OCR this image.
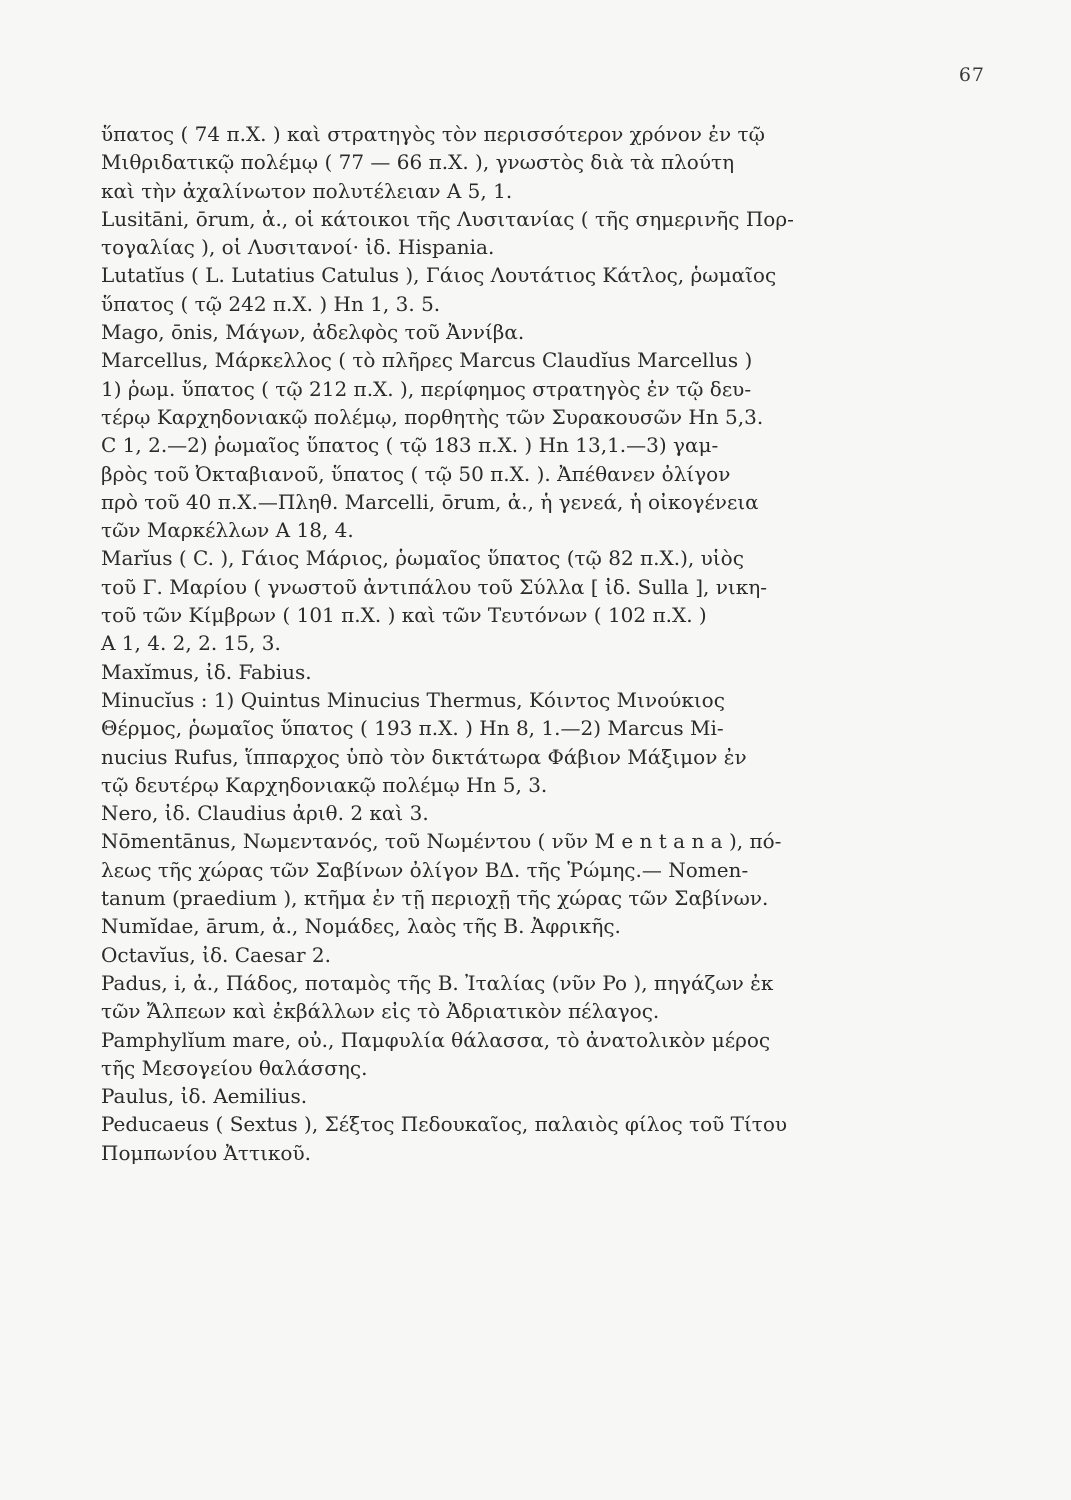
67

ὕπατος ( 74 π.Χ. ) καὶ στρατηγὸς τὸν περισσότερον χρόνον ἐν τῷ
Μιθριδατικῷ πολέμῳ ( 77 — 66 π.Χ. ), γνωστὸς διὰ τὰ πλούτη
καὶ τὴν ἀχαλίνωτον πολυτέλειαν Α 5, 1.

Lusitāni, ōrum, ἀ., οἱ κάτοικοι τῆς Λυσιτανίας ( τῆς σημερινῆς Πορ-
τογαλίας ), οἱ Λυσιτανοί· ἰδ. Hispania.

Lutatĭus ( L. Lutatius Catulus ), Γάιος Λουτάτιος Κάτλος, ῥωμαῖος
ὕπατος ( τῷ 242 π.Χ. ) Hn 1, 3. 5.

Mago, ōnis, Μάγων, ἀδελφὸς τοῦ Ἀννίβα.

Marcellus, Μάρκελλος ( τὸ πλῆρες Marcus Claudĭus Marcellus )
1) ῥωμ. ὕπατος ( τῷ 212 π.Χ. ), περίφημος στρατηγὸς ἐν τῷ δευ-
τέρῳ Καρχηδονιακῷ πολέμῳ, πορθητὴς τῶν Συρακουσῶν Hn 5,3.
C 1, 2.—2) ῥωμαῖος ὕπατος ( τῷ 183 π.Χ. ) Hn 13,1.—3) γαμ-
βρὸς τοῦ Ὀκταβιανοῦ, ὕπατος ( τῷ 50 π.Χ. ). Ἀπέθανεν ὀλίγον
πρὸ τοῦ 40 π.Χ.—Πληθ. Marcelli, ōrum, ἀ., ἡ γενεά, ἡ οἰκογένεια
τῶν Μαρκέλλων Α 18, 4.

Marĭus ( C. ), Γάιος Μάριος, ῥωμαῖος ὕπατος (τῷ 82 π.Χ.), υἱὸς
τοῦ Γ. Μαρίου ( γνωστοῦ ἀντιπάλου τοῦ Σύλλα [ ἰδ. Sulla ], νικη-
τοῦ τῶν Κίμβρων ( 101 π.Χ. ) καὶ τῶν Τευτόνων ( 102 π.Χ. )
Α 1, 4. 2, 2. 15, 3.

Maxĭmus, ἰδ. Fabius.

Minucĭus : 1) Quintus Minucius Thermus, Κόιντος Μινούκιος
Θέρμος, ῥωμαῖος ὕπατος ( 193 π.Χ. ) Hn 8, 1.—2) Marcus Mi-
nucius Rufus, ἵππαρχος ὑπὸ τὸν δικτάτωρα Φάβιον Μάξιμον ἐν
τῷ δευτέρῳ Καρχηδονιακῷ πολέμῳ Hn 5, 3.

Nero, ἰδ. Claudius ἀριθ. 2 καὶ 3.

Nōmentānus, Νωμεντανός, τοῦ Νωμέντου ( νῦν M e n t a n a ), πό-
λεως τῆς χώρας τῶν Σαβίνων ὀλίγον ΒΔ. τῆς Ῥώμης.— Nomen-
tanum (praedium ), κτῆμα ἐν τῇ περιοχῇ τῆς χώρας τῶν Σαβίνων.

Numĭdae, ārum, ἀ., Νομάδες, λαὸς τῆς Β. Ἀφρικῆς.

Octavĭus, ἰδ. Caesar 2.

Padus, i, ἀ., Πάδος, ποταμὸς τῆς Β. Ἰταλίας (νῦν Po ), πηγάζων ἐκ
τῶν Ἄλπεων καὶ ἐκβάλλων εἰς τὸ Ἀδριατικὸν πέλαγος.

Pamphylĭum mare, οὐ., Παμφυλία θάλασσα, τὸ ἀνατολικὸν μέρος
τῆς Μεσογείου θαλάσσης.

Paulus, ἰδ. Aemilius.

Peducaeus ( Sextus ), Σέξτος Πεδουκαῖος, παλαιὸς φίλος τοῦ Τίτου
Πομπωνίου Ἀττικοῦ.
